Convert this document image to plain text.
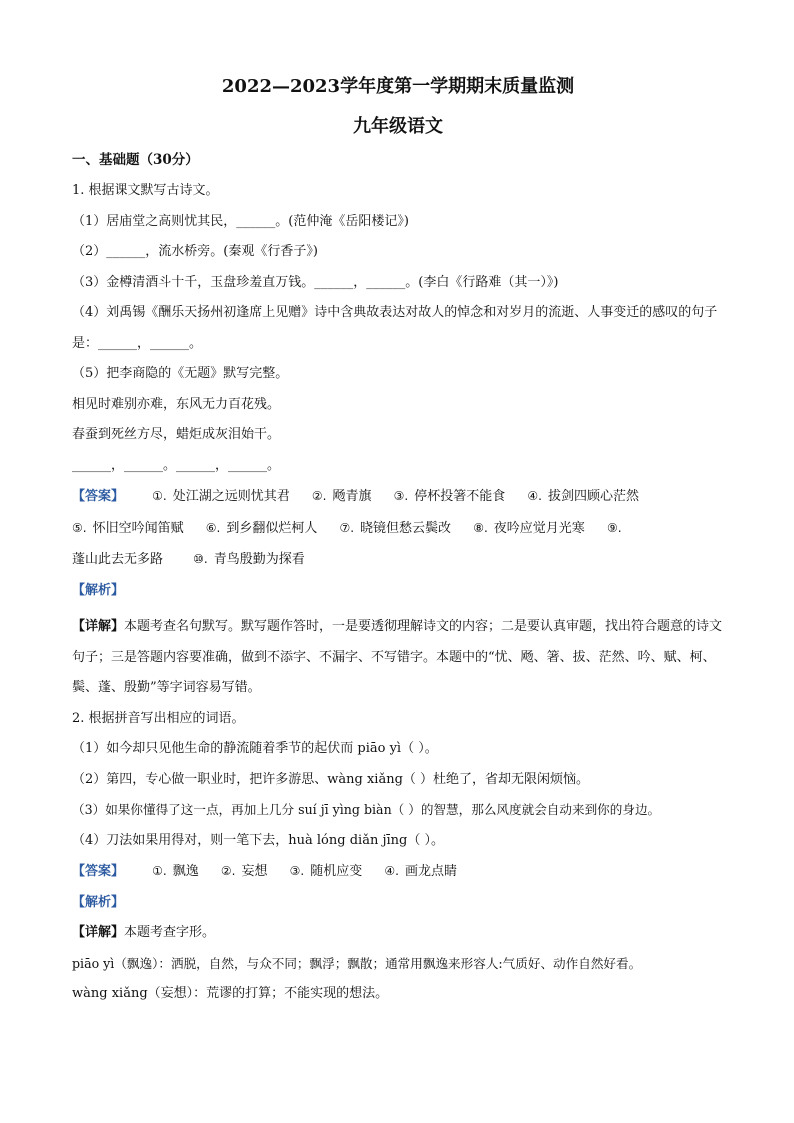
2022—2023学年度第一学期期末质量监测

九年级语文

一、基础题（30分）

1. 根据课文默写古诗文。

（1）居庙堂之高则忧其民，______。(范仲淹《岳阳楼记》)

（2）______，流水桥旁。(秦观《行香子》)

（3）金樽清酒斗十千，玉盘珍羞直万钱。______，______。(李白《行路难（其一）》)

（4）刘禹锡《酬乐天扬州初逢席上见赠》诗中含典故表达对故人的悼念和对岁月的流逝、人事变迁的感叹的句子是：______，______。

（5）把李商隐的《无题》默写完整。

相见时难别亦难，东风无力百花残。

春蚕到死丝方尽，蜡炬成灰泪始干。

______，______。______，______。

【答案】 ①. 处江湖之远则忧其君 ②. 飏青旗 ③. 停杯投箸不能食 ④. 拔剑四顾心茫然

⑤. 怀旧空吟闻笛赋 ⑥. 到乡翻似烂柯人 ⑦. 晓镜但愁云鬓改 ⑧. 夜吟应觉月光寒 ⑨.

蓬山此去无多路	⑩. 青鸟殷勤为探看

【解析】

【详解】本题考查名句默写。默写题作答时，一是要透彻理解诗文的内容；二是要认真审题，找出符合题意的诗文句子；三是答题内容要准确，做到不添字、不漏字、不写错字。本题中的“忧、飏、箸、拔、茫然、吟、赋、柯、鬓、蓬、殷勤”等字词容易写错。

2. 根据拼音写出相应的词语。

（1）如今却只见他生命的静流随着季节的起伏而 piāo yì（ ）。

（2）第四，专心做一职业时，把许多游思、wàng xiǎng（ ）杜绝了，省却无限闲烦恼。

（3）如果你懂得了这一点，再加上几分 suí jī yìng biàn（ ）的智慧，那么风度就会自动来到你的身边。

（4）刀法如果用得对，则一笔下去，huà lóng diǎn jīng（ ）。

【答案】 ①. 飘逸 ②. 妄想 ③. 随机应变 ④. 画龙点睛

【解析】

【详解】本题考查字形。

piāo yì（飘逸）：洒脱，自然，与众不同；飘浮；飘散；通常用飘逸来形容人:气质好、动作自然好看。

wàng xiǎng（妄想）：荒谬的打算；不能实现的想法。
